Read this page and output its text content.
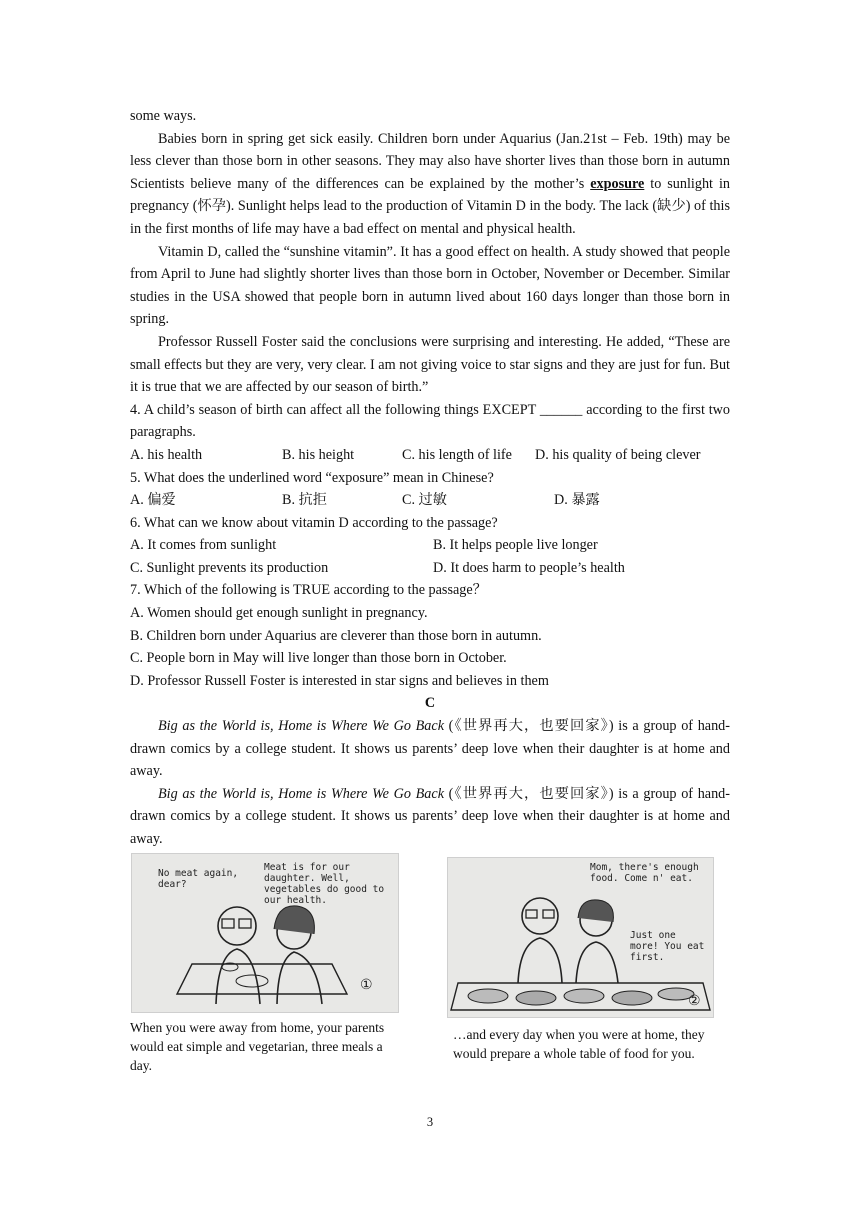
some ways.

Babies born in spring get sick easily. Children born under Aquarius (Jan.21st – Feb. 19th) may be less clever than those born in other seasons. They may also have shorter lives than those born in autumn Scientists believe many of the differences can be explained by the mother’s exposure to sunlight in pregnancy (怀孕). Sunlight helps lead to the production of Vitamin D in the body. The lack (缺少) of this in the first months of life may have a bad effect on mental and physical health.

Vitamin D, called the “sunshine vitamin”. It has a good effect on health. A study showed that people from April to June had slightly shorter lives than those born in October, November or December. Similar studies in the USA showed that people born in autumn lived about 160 days longer than those born in spring.

Professor Russell Foster said the conclusions were surprising and interesting. He added, “These are small effects but they are very, very clear. I am not giving voice to star signs and they are just for fun. But it is true that we are affected by our season of birth.”

4. A child’s season of birth can affect all the following things EXCEPT ______ according to the first two paragraphs.

A. his health	B. his height	C. his length of life	D. his quality of being clever

5. What does the underlined word “exposure” mean in Chinese?

A. 偏爱	B. 抗拒	C. 过敏	D. 暴露

6. What can we know about vitamin D according to the passage?

A. It comes from sunlight	B. It helps people live longer
C. Sunlight prevents its production	D. It does harm to people’s health

7. Which of the following is TRUE according to the passage？

A. Women should get enough sunlight in pregnancy.

B. Children born under Aquarius are cleverer than those born in autumn.

C. People born in May will live longer than those born in October.

D. Professor Russell Foster is interested in star signs and believes in them

C

Big as the World is, Home is Where We Go Back (《世界再大，也要回家》) is a group of hand-drawn comics by a college student. It shows us parents’ deep love when their daughter is at home and away.

Big as the World is, Home is Where We Go Back (《世界再大，也要回家》) is a group of hand-drawn comics by a college student. It shows us parents’ deep love when their daughter is at home and away.

No meat again, dear?
Meat is for our daughter. Well, vegetables do good to our health.
①
When you were away from home, your parents would eat simple and vegetarian, three meals a day.
Mom, there's enough food. Come n' eat.
Just one more! You eat first.
②
…and every day when you were at home, they would prepare a whole table of food for you.
3
